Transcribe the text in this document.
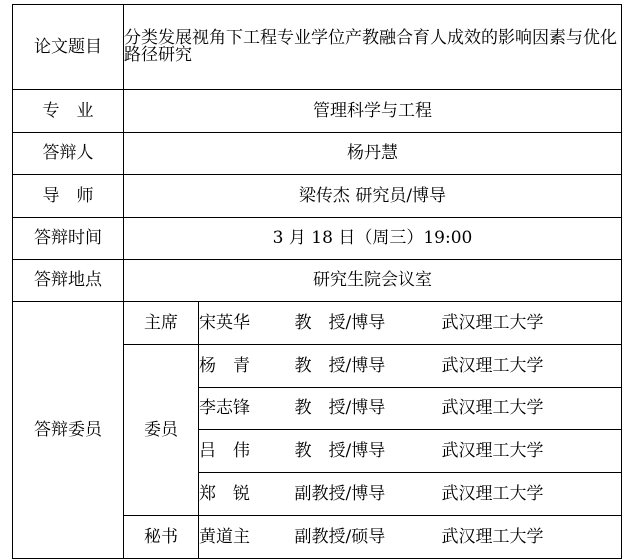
论文题目	分类发展视角下工程专业学位产教融合育人成效的影响因素与优化路径研究			
专　业	管理科学与工程			
答辩人	杨丹慧			
导　师	梁传杰 研究员/博导			
答辩时间	3 月 18 日（周三）19:00			
答辩地点	研究生院会议室			
答辩委员	主席	宋英华	教　授/博导	武汉理工大学
	委员	杨　青	教　授/博导	武汉理工大学
		李志锋	教　授/博导	武汉理工大学
		吕　伟	教　授/博导	武汉理工大学
		郑　锐	副教授/博导	武汉理工大学
	秘书	黄道主	副教授/硕导	武汉理工大学
